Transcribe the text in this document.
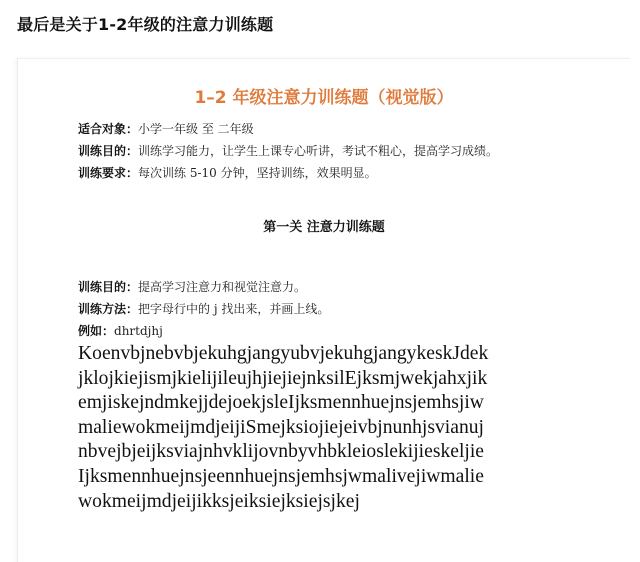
最后是关于1-2年级的注意力训练题
1–2 年级注意力训练题（视觉版）
适合对象：小学一年级 至 二年级
训练目的：训练学习能力，让学生上课专心听讲，考试不粗心，提高学习成绩。
训练要求：每次训练 5-10 分钟，坚持训练，效果明显。
第一关 注意力训练题
训练目的：提高学习注意力和视觉注意力。
训练方法：把字母行中的 j 找出来，并画上线。
例如：dhrtdjhj
KoenvbjnebvbjekuhgjangyubvjekuhgjangykeskJdek
jklojkiejismjkielijileujhjiejiejnksilEjksmjwekjahxjik
emjiskejndmkejjdejoekjsleIjksmennhuejnsjemhsjiw
maliewokmeijmdjeijiSmejksiojiejeivbjnunhjsvianuj
nbvejbjeijksviajnhvklijovnbyvhbkleioslekijieskeljie
Ijksmennhuejnsjeennhuejnsjemhsjwmalivejiwmalie
wokmeijmdjeijikksjeiksiejksiejsjkej
